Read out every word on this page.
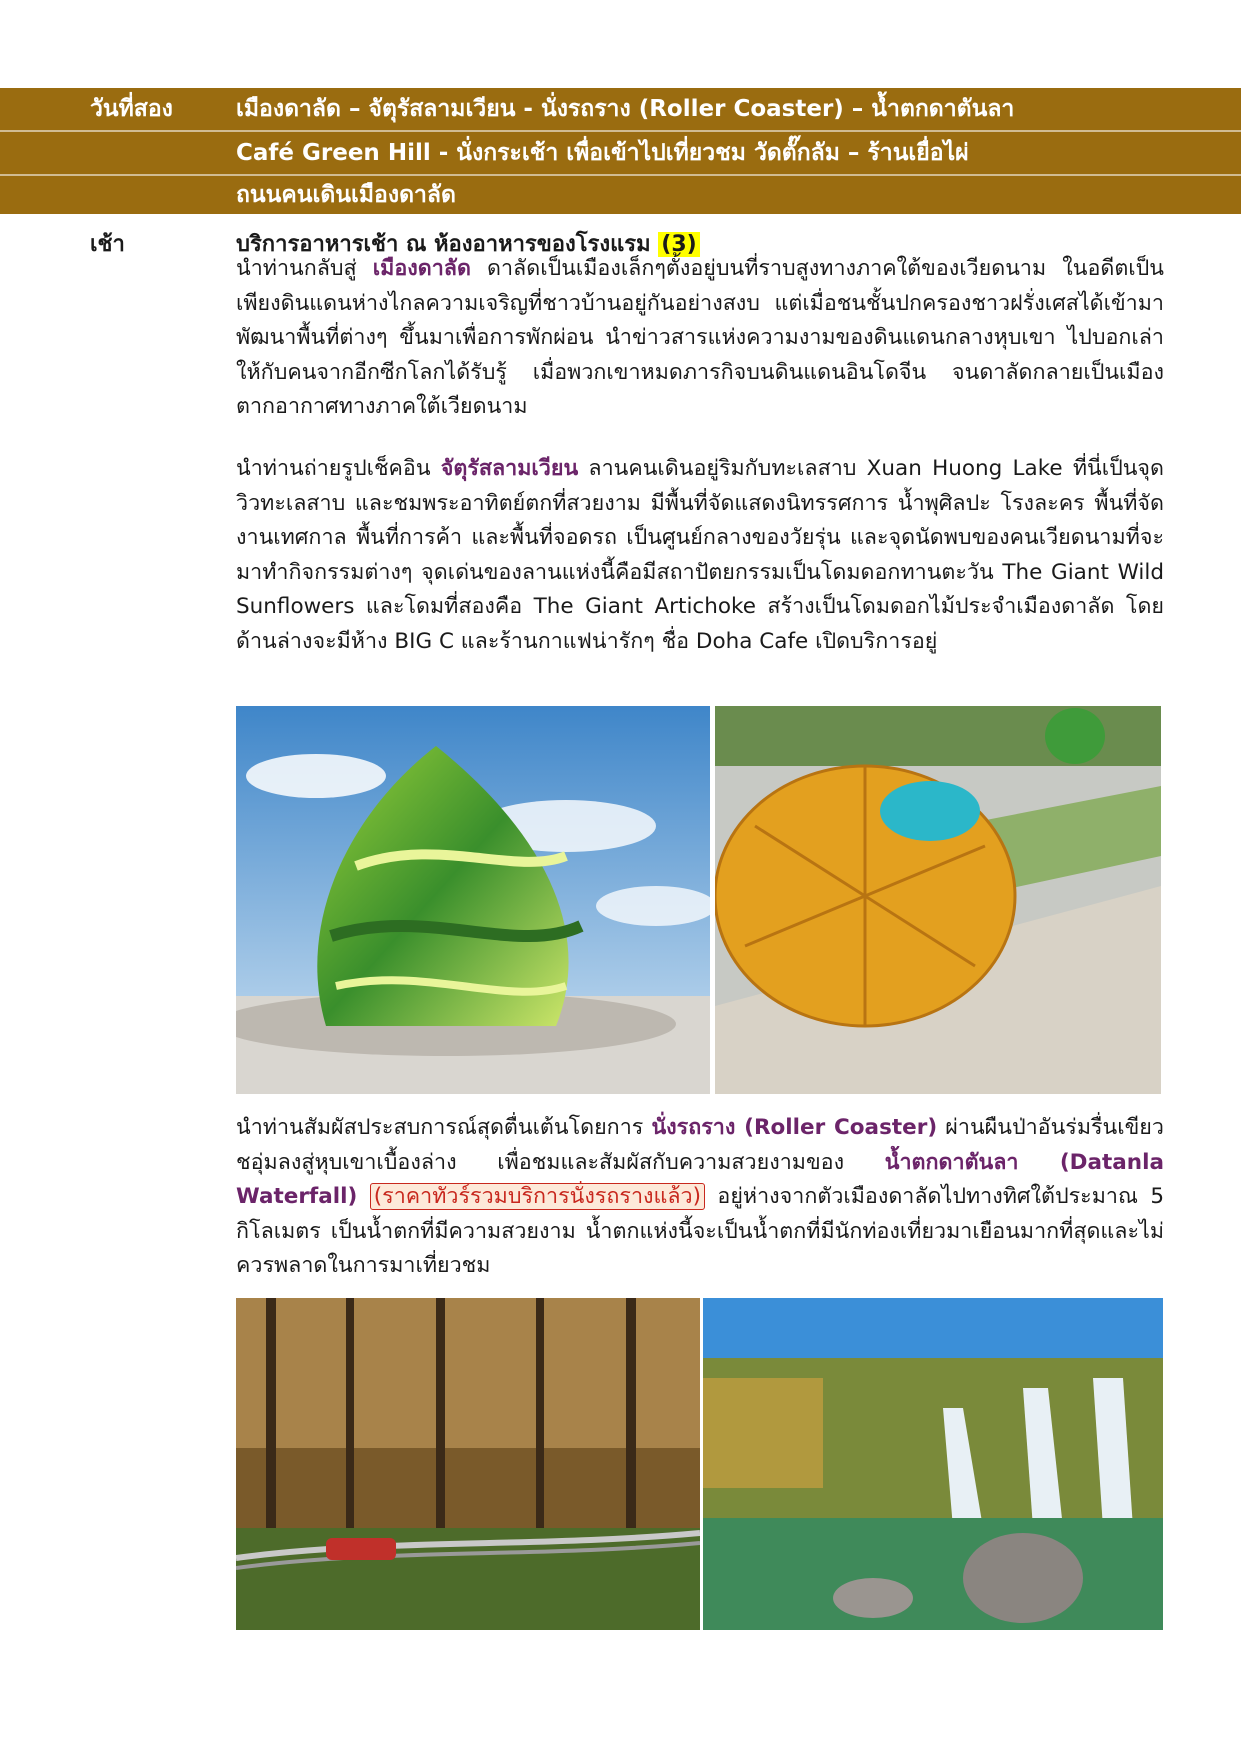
วันที่สอง	เมืองดาลัด – จัตุรัสลามเวียน - นั่งรถราง (Roller Coaster) – น้ำตกดาตันลา
Café Green Hill - นั่งกระเช้า เพื่อเข้าไปเที่ยวชม วัดตั๊กลัม – ร้านเยื่อไผ่
ถนนคนเดินเมืองดาลัด
เช้า	บริการอาหารเช้า ณ ห้องอาหารของโรงแรม (3)

นำท่านกลับสู่ เมืองดาลัด ดาลัดเป็นเมืองเล็กๆตั้งอยู่บนที่ราบสูงทางภาคใต้ของเวียดนาม ในอดีตเป็นเพียงดินแดนห่างไกลความเจริญที่ชาวบ้านอยู่กันอย่างสงบ แต่เมื่อชนชั้นปกครองชาวฝรั่งเศสได้เข้ามาพัฒนาพื้นที่ต่างๆ ขึ้นมาเพื่อการพักผ่อน นำข่าวสารแห่งความงามของดินแดนกลางหุบเขา ไปบอกเล่าให้กับคนจากอีกซีกโลกได้รับรู้ เมื่อพวกเขาหมดภารกิจบนดินแดนอินโดจีน จนดาลัดกลายเป็นเมืองตากอากาศทางภาคใต้เวียดนาม

นำท่านถ่ายรูปเช็คอิน จัตุรัสลามเวียน ลานคนเดินอยู่ริมกับทะเลสาบ Xuan Huong Lake ที่นี่เป็นจุดวิวทะเลสาบ และชมพระอาทิตย์ตกที่สวยงาม มีพื้นที่จัดแสดงนิทรรศการ น้ำพุศิลปะ โรงละคร พื้นที่จัดงานเทศกาล พื้นที่การค้า และพื้นที่จอดรถ เป็นศูนย์กลางของวัยรุ่น และจุดนัดพบของคนเวียดนามที่จะมาทำกิจกรรมต่างๆ จุดเด่นของลานแห่งนี้คือมีสถาปัตยกรรมเป็นโดมดอกทานตะวัน The Giant Wild Sunflowers และโดมที่สองคือ The Giant Artichoke สร้างเป็นโดมดอกไม้ประจำเมืองดาลัด โดยด้านล่างจะมีห้าง BIG C และร้านกาแฟน่ารักๆ ชื่อ Doha Cafe เปิดบริการอยู่

นำท่านสัมผัสประสบการณ์สุดตื่นเต้นโดยการ นั่งรถราง (Roller Coaster) ผ่านผืนป่าอันร่มรื่นเขียวชอุ่มลงสู่หุบเขาเบื้องล่าง เพื่อชมและสัมผัสกับความสวยงามของ น้ำตกดาตันลา (Datanla Waterfall) (ราคาทัวร์รวมบริการนั่งรถรางแล้ว) อยู่ห่างจากตัวเมืองดาลัดไปทางทิศใต้ประมาณ 5 กิโลเมตร เป็นน้ำตกที่มีความสวยงาม น้ำตกแห่งนี้จะเป็นน้ำตกที่มีนักท่องเที่ยวมาเยือนมากที่สุดและไม่ควรพลาดในการมาเที่ยวชม
